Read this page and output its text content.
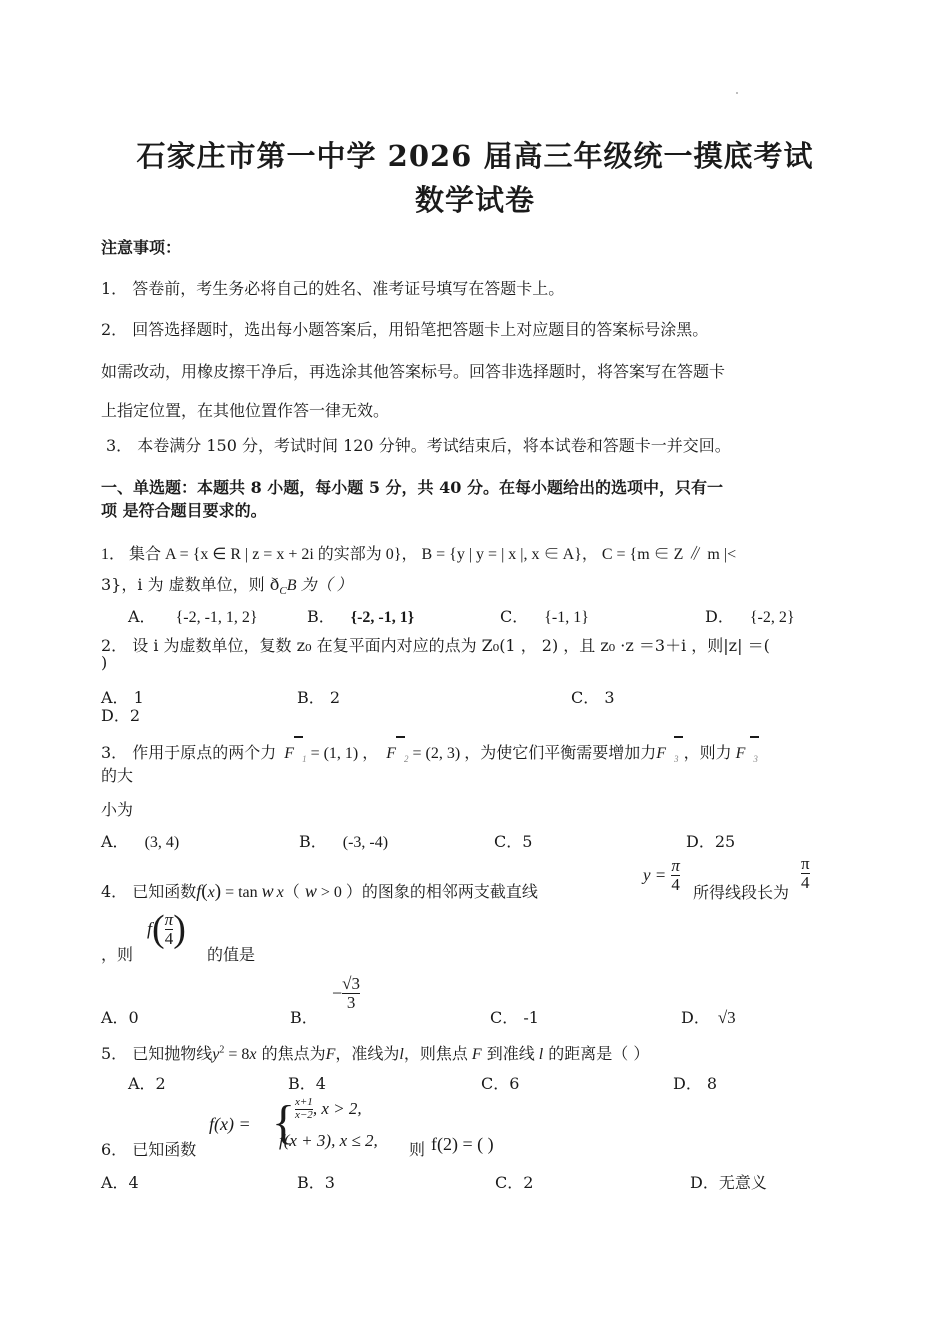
石家庄市第一中学 2026 届高三年级统一摸底考试
数学试卷
注意事项：
1． 答卷前，考生务必将自己的姓名、准考证号填写在答题卡上。
2． 回答选择题时，选出每小题答案后，用铅笔把答题卡上对应题目的答案标号涂黑。
如需改动，用橡皮擦干净后，再选涂其他答案标号。回答非选择题时，将答案写在答题卡
上指定位置，在其他位置作答一律无效。
3． 本卷满分 150 分，考试时间 120 分钟。考试结束后，将本试卷和答题卡一并交回。
一、单选题：本题共 8 小题，每小题 5 分，共 40 分。在每小题给出的选项中，只有一
项 是符合题目要求的。
1． 集合 A = {x ∈ R | z = x + 2i 的实部为 0}， B = {y | y = | x |, x ∈ A}， C = {m ∈ Z ∥ m |<
3}，i 为 虚数单位，则 $ð_CB$ 为（ ）
A． {-2, -1, 1, 2}	B． {-2, -1, 1}	C． {-1, 1}	D． {-2, 2}
2． 设 i 为虚数单位，复数 z₀ 在复平面内对应的点为 Z₀(1 ， 2) ，且 z₀ ·z ＝3＋i ，则|z| ＝(
)
A． 1	B． 2	C． 3
D．2
3． 作用于原点的两个力 F $_1$ = (1, 1) ， F $_2$ = (2, 3) ，为使它们平衡需要增加力F $_3$ ，则力 F $_3$
的大
小为
A． (3, 4)	B． (-3, -4)	C．5	D．25
4． 已知函数f(x) = tan w x（ w > 0 ）的图象的相邻两支截直线
$y = \frac{\pi}{4}$ 所得线段长为
$\frac{\pi}{4}$
，则
$f( \frac{\pi}{4}$ )
的值是
A．0	B．
− $\frac{√3}{3}$
C． -1	D． √3
5． 已知抛物线$y^2 = 8x$ 的焦点为F，准线为l，则焦点 F 到准线 l 的距离是（ ）
A．2	B．4	C．6	D． 8
6． 已知函数
f(x) = { $\frac{x+1}{x-2}$ , x > 2,
f(x + 3), x ≤ 2, 则 f(2) = ( )
A．4	B．3	C．2	D．无意义
